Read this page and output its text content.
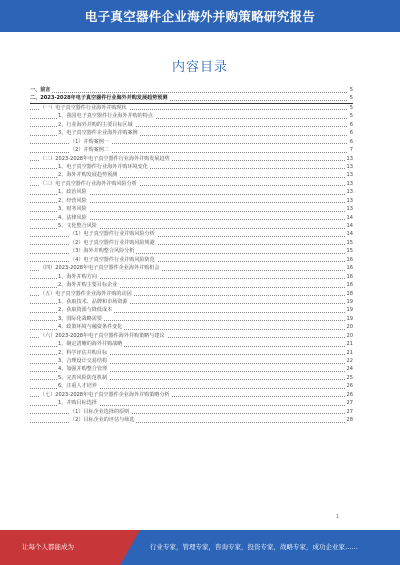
电子真空器件企业海外并购策略研究报告
内容目录
一、前言	5
二、2023-2028年电子真空器件行业海外并购发展趋势预测	5
（一）电子真空器件行业海外并购现状	5
1、我国电子真空器件行业海外并购的特点	5
2、行业海外并购的主要目标区域	6
3、电子真空器件企业海外并购案例	6
（1）并购案例一	6
（2）并购案例二	7
（二）2023-2028年电子真空器件行业海外并购发展趋势	13
1、电子真空器件行业海外并购环境变化	13
2、海外并购发展趋势预测	13
（三）电子真空器件行业海外并购风险分析	13
1、政治风险	13
2、经营风险	13
3、财务风险	13
4、法律风险	14
5、文化整合风险	14
（1）电子真空器件行业并购风险分析	14
（2）电子真空器件行业并购风险规避	15
（3）海外并购整合风险分析	15
（4）电子真空器件行业并购风险防范	16
（四）2023-2028年电子真空器件企业海外并购机会	16
1、海外并购方向	16
2、海外并购主要目标企业	16
（五）电子真空器件企业海外并购的动因	18
1、获取技术、品牌和市场资源	19
2、获取资源与降低成本	19
3、国际化战略需要	19
4、政策环境与融资条件变化	20
（六）2023-2028年电子真空器件海外并购策略与建议	20
1、制定清晰的海外并购战略	21
2、科学评估并购目标	21
3、合理设计交易结构	22
4、加强并购整合管理	24
5、完善风险防范机制	25
6、注重人才培养	26
（七）2023-2028年电子真空器件企业海外并购策略分析	26
1、并购目标选择	27
（1）目标企业选择的原则	27
（2）目标企业的评估与筛选	28
1
让每个人都能成为	行业专家，管理专家，咨询专家，投资专家，战略专家，成功企业家……
